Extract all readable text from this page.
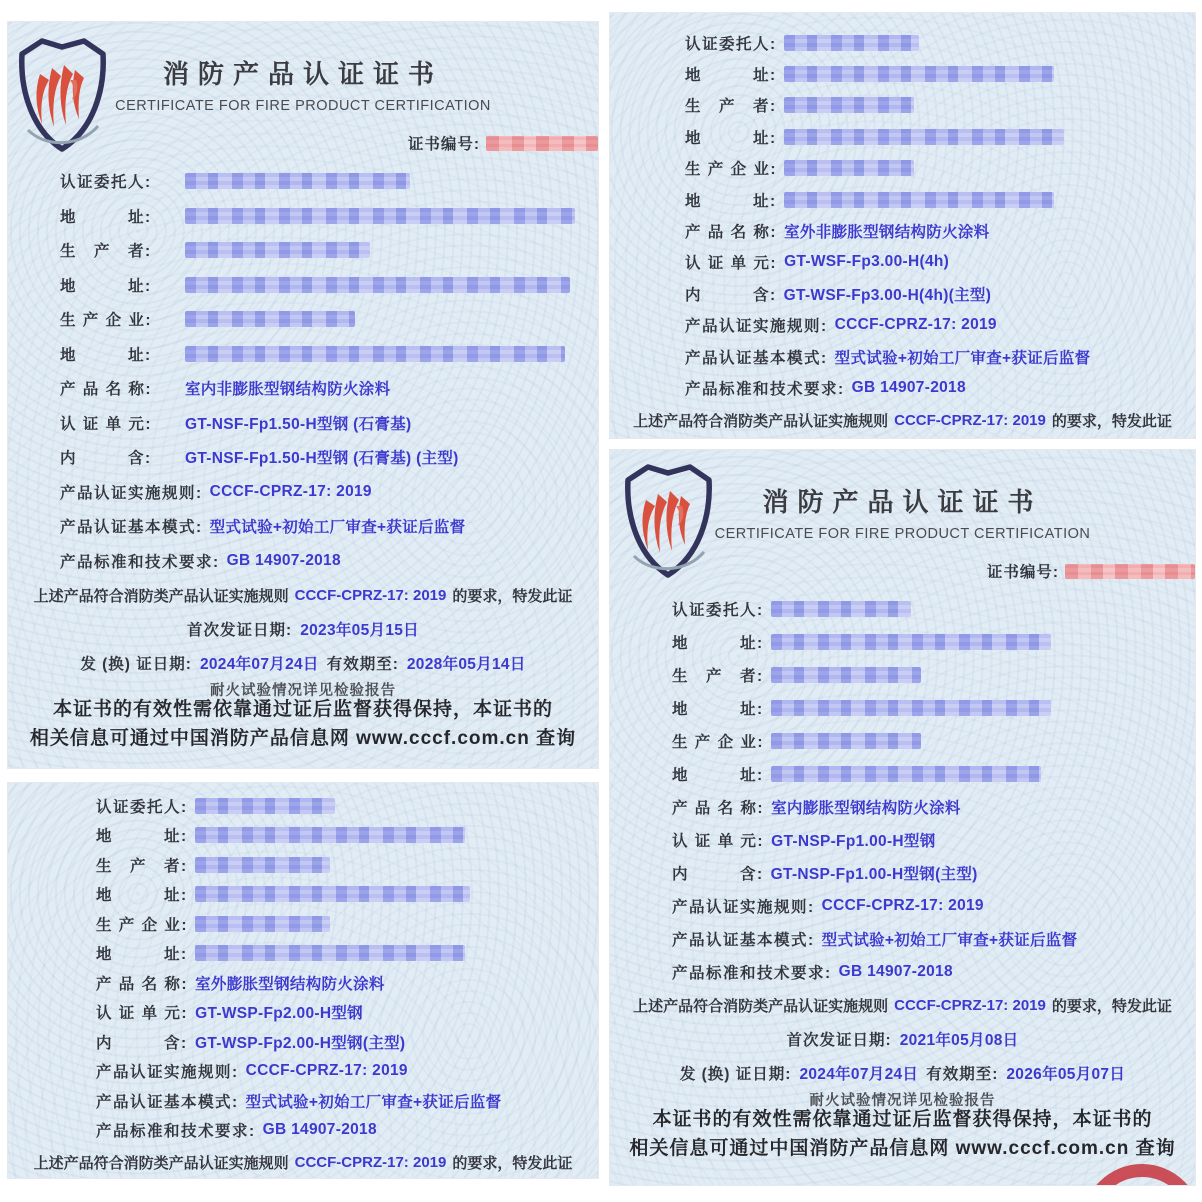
消防产品认证证书
CERTIFICATE FOR FIRE PRODUCT CERTIFICATION
证书编号:
认证委托人:
地　　　址:
生　产　者:
地　　　址:
生 产 企 业:
地　　　址:
产 品 名 称:	室内非膨胀型钢结构防火涂料
认 证 单 元:	GT-NSF-Fp1.50-H型钢 (石膏基)
内　　　含:	GT-NSF-Fp1.50-H型钢 (石膏基) (主型)
产品认证实施规则: CCCF-CPRZ-17: 2019
产品认证基本模式: 型式试验+初始工厂审查+获证后监督
产品标准和技术要求: GB 14907-2018
上述产品符合消防类产品认证实施规则 CCCF-CPRZ-17: 2019 的要求，特发此证
首次发证日期: 2023年05月15日
发 (换) 证日期: 2024年07月24日 有效期至: 2028年05月14日
耐火试验情况详见检验报告
本证书的有效性需依靠通过证后监督获得保持，本证书的
相关信息可通过中国消防产品信息网 www.cccf.com.cn 查询
认证委托人:
地　　　址:
生　产　者:
地　　　址:
生 产 企 业:
地　　　址:
产 品 名 称: 室外非膨胀型钢结构防火涂料
认 证 单 元: GT-WSF-Fp3.00-H(4h)
内　　　含: GT-WSF-Fp3.00-H(4h)(主型)
产品认证实施规则: CCCF-CPRZ-17: 2019
产品认证基本模式: 型式试验+初始工厂审查+获证后监督
产品标准和技术要求: GB 14907-2018
上述产品符合消防类产品认证实施规则 CCCF-CPRZ-17: 2019 的要求，特发此证
认证委托人:
地　　　址:
生　产　者:
地　　　址:
生 产 企 业:
地　　　址:
产 品 名 称: 室外膨胀型钢结构防火涂料
认 证 单 元: GT-WSP-Fp2.00-H型钢
内　　　含: GT-WSP-Fp2.00-H型钢(主型)
产品认证实施规则: CCCF-CPRZ-17: 2019
产品认证基本模式: 型式试验+初始工厂审查+获证后监督
产品标准和技术要求: GB 14907-2018
上述产品符合消防类产品认证实施规则 CCCF-CPRZ-17: 2019 的要求，特发此证
消防产品认证证书
CERTIFICATE FOR FIRE PRODUCT CERTIFICATION
证书编号:
认证委托人:
地　　　址:
生　产　者:
地　　　址:
生 产 企 业:
地　　　址:
产 品 名 称: 室内膨胀型钢结构防火涂料
认 证 单 元: GT-NSP-Fp1.00-H型钢
内　　　含: GT-NSP-Fp1.00-H型钢(主型)
产品认证实施规则: CCCF-CPRZ-17: 2019
产品认证基本模式: 型式试验+初始工厂审查+获证后监督
产品标准和技术要求: GB 14907-2018
上述产品符合消防类产品认证实施规则 CCCF-CPRZ-17: 2019 的要求，特发此证
首次发证日期: 2021年05月08日
发 (换) 证日期: 2024年07月24日 有效期至: 2026年05月07日
耐火试验情况详见检验报告
本证书的有效性需依靠通过证后监督获得保持，本证书的
相关信息可通过中国消防产品信息网 www.cccf.com.cn 查询
